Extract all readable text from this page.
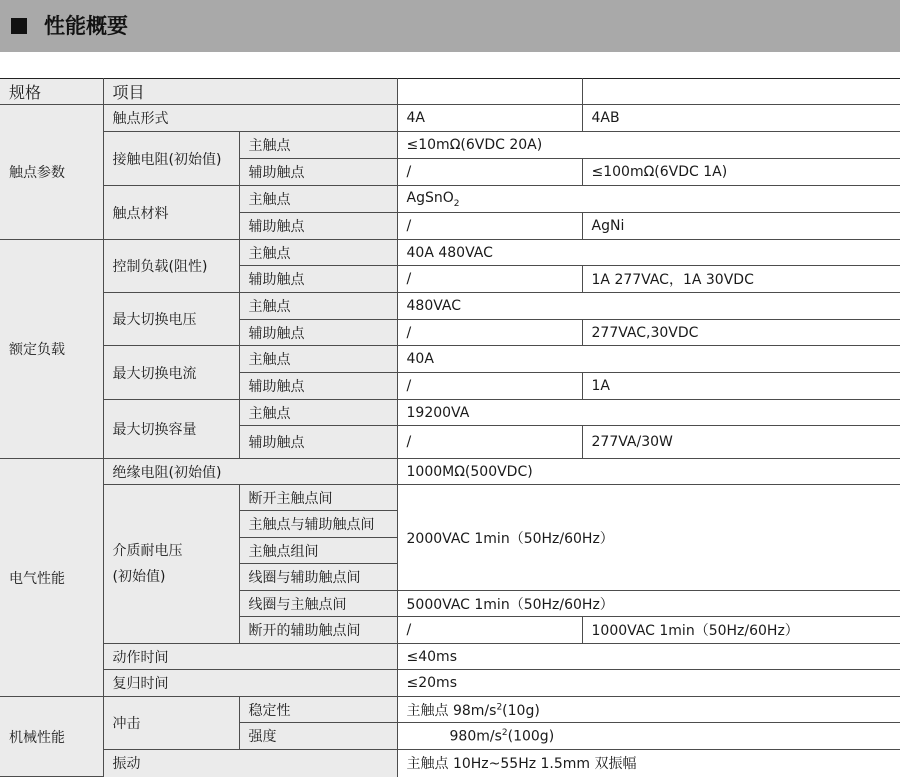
性能概要
规格	项目			
触点参数	触点形式		4A	4AB
	接触电阻(初始值)	主触点	≤10mΩ(6VDC 20A)	
		辅助触点	/	≤100mΩ(6VDC 1A)
	触点材料	主触点	AgSnO$_2$
		辅助触点	/	AgNi
额定负载	控制负载(阻性)	主触点	40A 480VAC	
		辅助触点	/	1A 277VAC，1A 30VDC
	最大切换电压	主触点	480VAC	
		辅助触点	/	277VAC,30VDC
	最大切换电流	主触点	40A	
		辅助触点	/	1A
	最大切换容量	主触点	19200VA	
		辅助触点	/	277VA/30W
电气性能	绝缘电阻(初始值)		1000MΩ(500VDC)	
	介质耐电压
(初始值)	断开主触点间	2000VAC 1min（50Hz/60Hz）	
		主触点与辅助触点间		
		主触点组间		
		线圈与辅助触点间		
		线圈与主触点间	5000VAC 1min（50Hz/60Hz）	
		断开的辅助触点间	/	1000VAC 1min（50Hz/60Hz）
	动作时间		≤40ms	
	复归时间		≤20ms	
机械性能	冲击	稳定性	主触点 $98m/s^2(10g)$	
		强度	$980m/s^2(100g)$	
	振动		主触点 10Hz~55Hz 1.5mm 双振幅	
